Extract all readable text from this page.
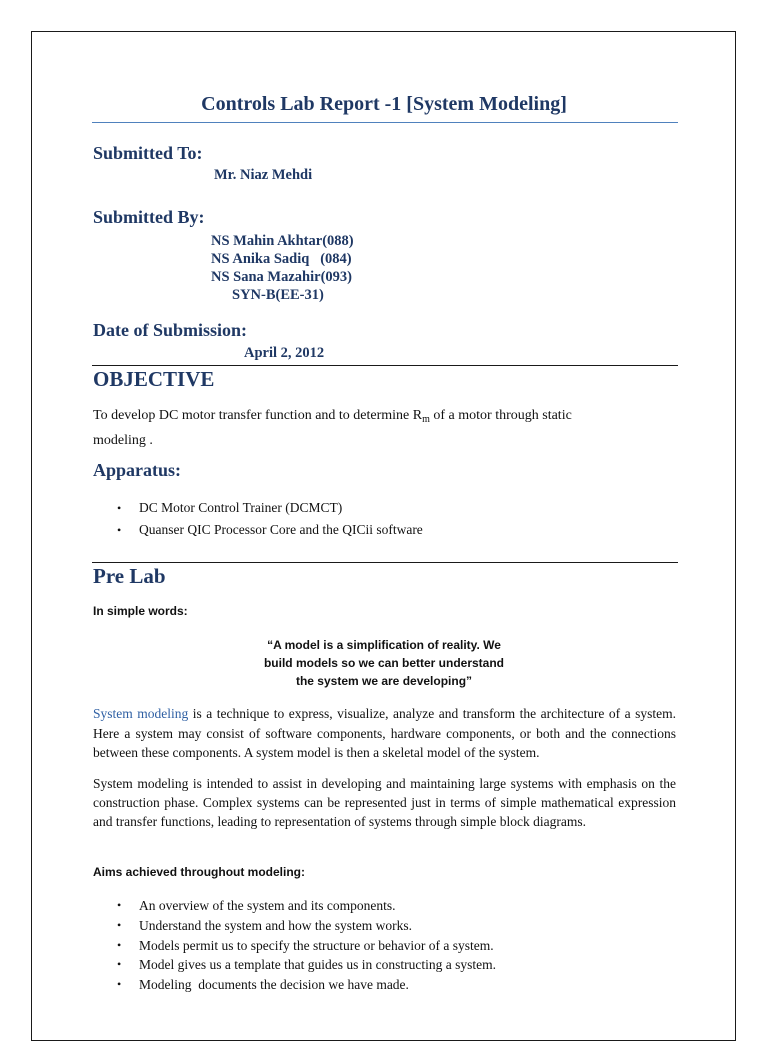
Controls Lab Report -1 [System Modeling]
Submitted To:
Mr. Niaz Mehdi
Submitted By:
NS Mahin Akhtar(088)
NS Anika Sadiq   (084)
NS Sana Mazahir(093)
SYN-B(EE-31)
Date of Submission:
April 2, 2012
OBJECTIVE
To develop DC motor transfer function and to determine $R_m$ of a motor through static
modeling .
Apparatus:
• DC Motor Control Trainer (DCMCT)
• Quanser QIC Processor Core and the QICii software
Pre Lab
In simple words:
“A model is a simplification of reality. We
build models so we can better understand
the system we are developing”
System modeling is a technique to express, visualize, analyze and transform the architecture of a system. Here a system may consist of software components, hardware components, or both and the connections between these components. A system model is then a skeletal model of the system.
System modeling is intended to assist in developing and maintaining large systems with emphasis on the construction phase. Complex systems can be represented just in terms of simple mathematical expression and transfer functions, leading to representation of systems through simple block diagrams.
Aims achieved throughout modeling:
• An overview of the system and its components.
• Understand the system and how the system works.
• Models permit us to specify the structure or behavior of a system.
• Model gives us a template that guides us in constructing a system.
• Modeling  documents the decision we have made.
